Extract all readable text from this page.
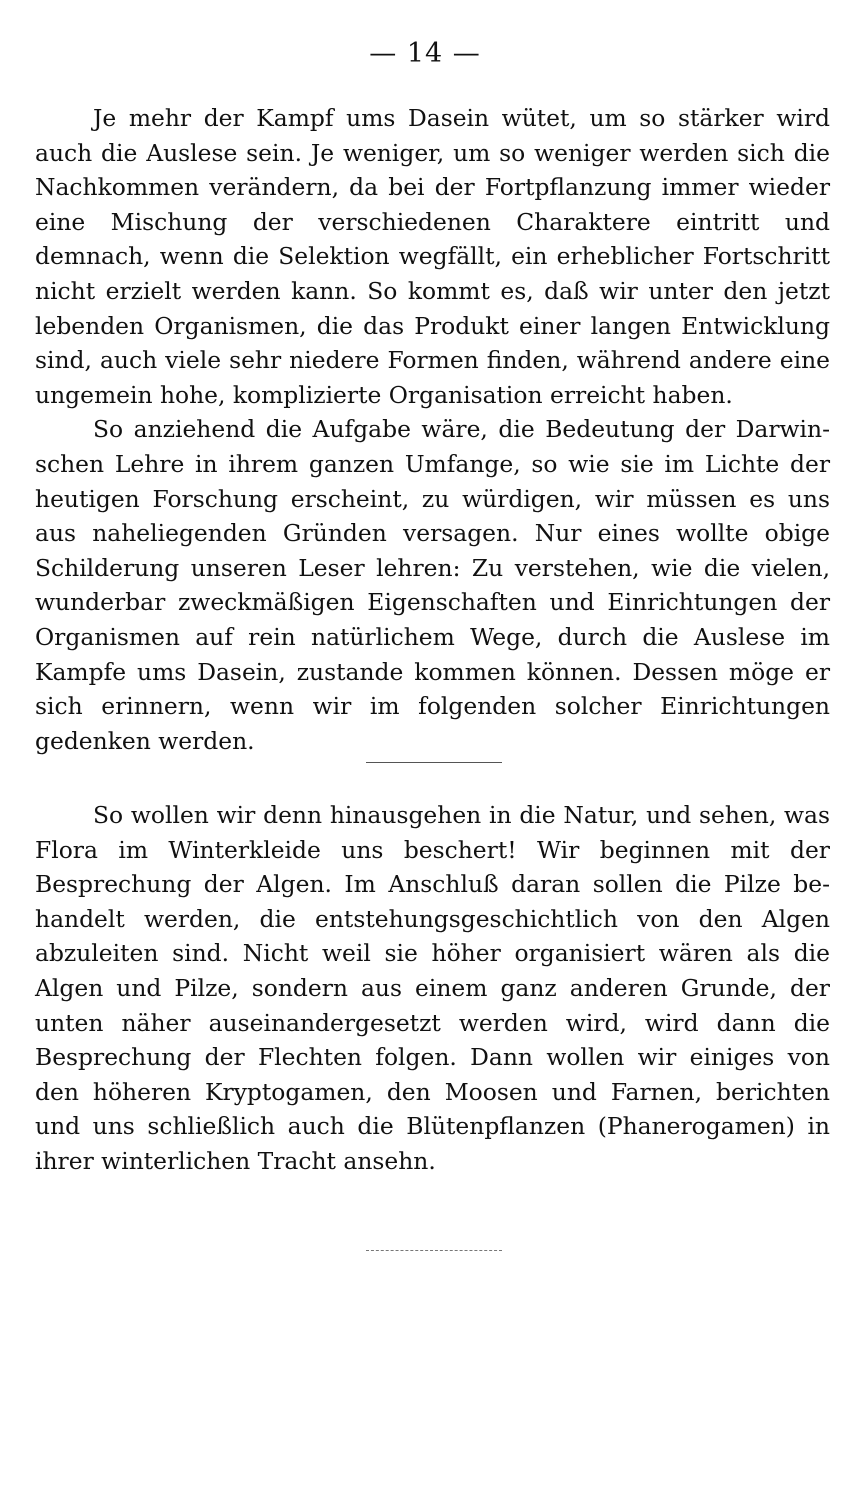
— 14 —

Je mehr der Kampf ums Dasein wütet, um so stärker wird auch die Auslese sein. Je weniger, um so weniger werden sich die Nachkommen verändern, da bei der Fortpflanzung immer wieder eine Mischung der verschiedenen Charaktere eintritt und demnach, wenn die Selektion wegfällt, ein erheblicher Fortschritt nicht erzielt werden kann. So kommt es, daß wir unter den jetzt lebenden Organismen, die das Produkt einer langen Entwicklung sind, auch viele sehr niedere Formen finden, während andere eine ungemein hohe, komplizierte Organisation erreicht haben.

So anziehend die Aufgabe wäre, die Bedeutung der Darwinschen Lehre in ihrem ganzen Umfange, so wie sie im Lichte der heutigen Forschung erscheint, zu würdigen, wir müssen es uns aus naheliegenden Gründen versagen. Nur eines wollte obige Schilderung unseren Leser lehren: Zu verstehen, wie die vielen, wunderbar zweckmäßigen Eigenschaften und Einrichtungen der Organismen auf rein natürlichem Wege, durch die Auslese im Kampfe ums Dasein, zustande kommen können. Dessen möge er sich erinnern, wenn wir im folgenden solcher Einrichtungen gedenken werden.

So wollen wir denn hinausgehen in die Natur, und sehen, was Flora im Winterkleide uns beschert! Wir beginnen mit der Besprechung der Algen. Im Anschluß daran sollen die Pilze behandelt werden, die entstehungsgeschichtlich von den Algen abzuleiten sind. Nicht weil sie höher organisiert wären als die Algen und Pilze, sondern aus einem ganz anderen Grunde, der unten näher auseinandergesetzt werden wird, wird dann die Besprechung der Flechten folgen. Dann wollen wir einiges von den höheren Kryptogamen, den Moosen und Farnen, berichten und uns schließlich auch die Blütenpflanzen (Phanerogamen) in ihrer winterlichen Tracht ansehn.
